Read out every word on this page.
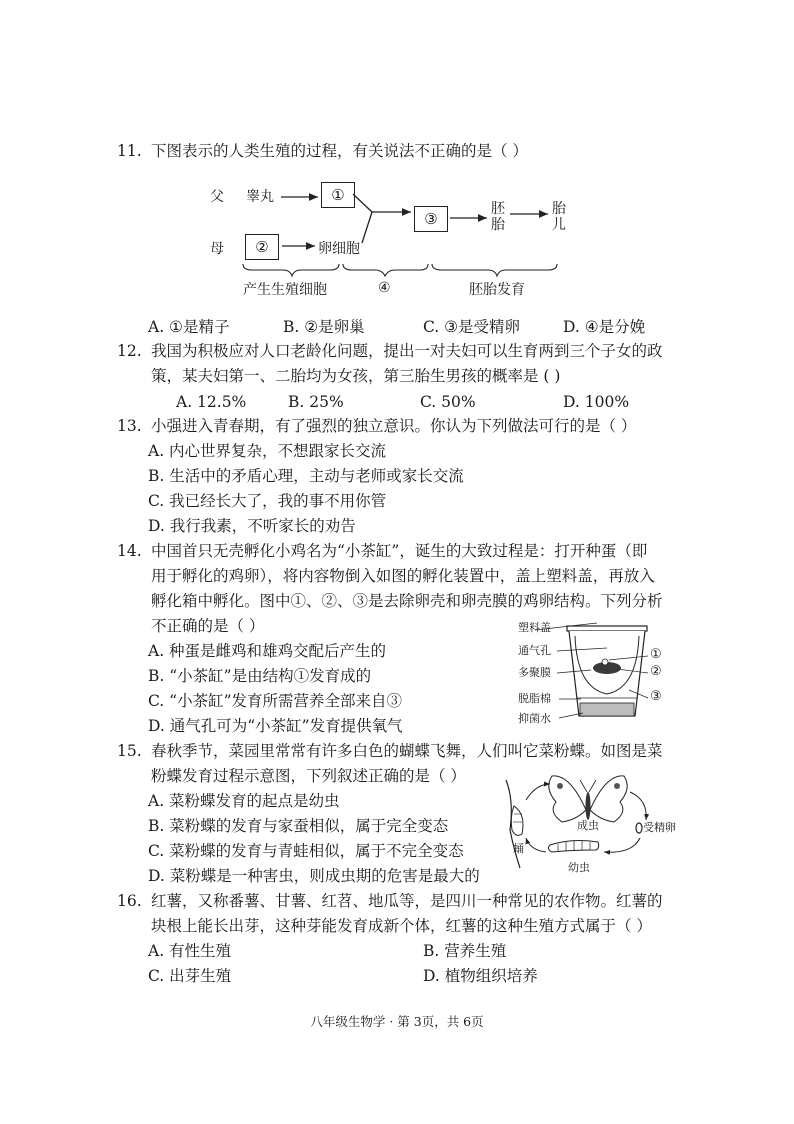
11. 下图表示的人类生殖的过程，有关说法不正确的是（ ）
父 睾丸	①
母	②	卵细胞
③
胚
胎
胎
儿
产生生殖细胞	④	胚胎发育
A. ①是精子	B. ②是卵巢	C. ③是受精卵	D. ④是分娩
12. 我国为积极应对人口老龄化问题，提出一对夫妇可以生育两到三个子女的政
策，某夫妇第一、二胎均为女孩，第三胎生男孩的概率是 ( )
A. 12.5%	B. 25%	C. 50%	D. 100%
13. 小强进入青春期，有了强烈的独立意识。你认为下列做法可行的是（ ）
A. 内心世界复杂，不想跟家长交流
B. 生活中的矛盾心理，主动与老师或家长交流
C. 我已经长大了，我的事不用你管
D. 我行我素，不听家长的劝告
14. 中国首只无壳孵化小鸡名为“小茶缸”，诞生的大致过程是：打开种蛋（即
用于孵化的鸡卵），将内容物倒入如图的孵化装置中，盖上塑料盖，再放入
孵化箱中孵化。图中①、②、③是去除卵壳和卵壳膜的鸡卵结构。下列分析
不正确的是（ ）
A. 种蛋是雌鸡和雄鸡交配后产生的
B. “小茶缸”是由结构①发育成的
C. “小茶缸”发育所需营养全部来自③
D. 通气孔可为“小茶缸”发育提供氧气
塑料盖
通气孔
多聚膜
脱脂棉
抑菌水
①
②
③
15. 春秋季节，菜园里常常有许多白色的蝴蝶飞舞，人们叫它菜粉蝶。如图是菜
粉蝶发育过程示意图，下列叙述正确的是（ ）
A. 菜粉蝶发育的起点是幼虫
B. 菜粉蝶的发育与家蚕相似，属于完全变态
C. 菜粉蝶的发育与青蛙相似，属于不完全变态
D. 菜粉蝶是一种害虫，则成虫期的危害是最大的
成虫	受精卵
幼虫
蛹
16. 红薯，又称番薯、甘薯、红苕、地瓜等，是四川一种常见的农作物。红薯的
块根上能长出芽，这种芽能发育成新个体，红薯的这种生殖方式属于（ ）
A. 有性生殖	B. 营养生殖
C. 出芽生殖	D. 植物组织培养
八年级生物学 · 第 3页，共 6页
